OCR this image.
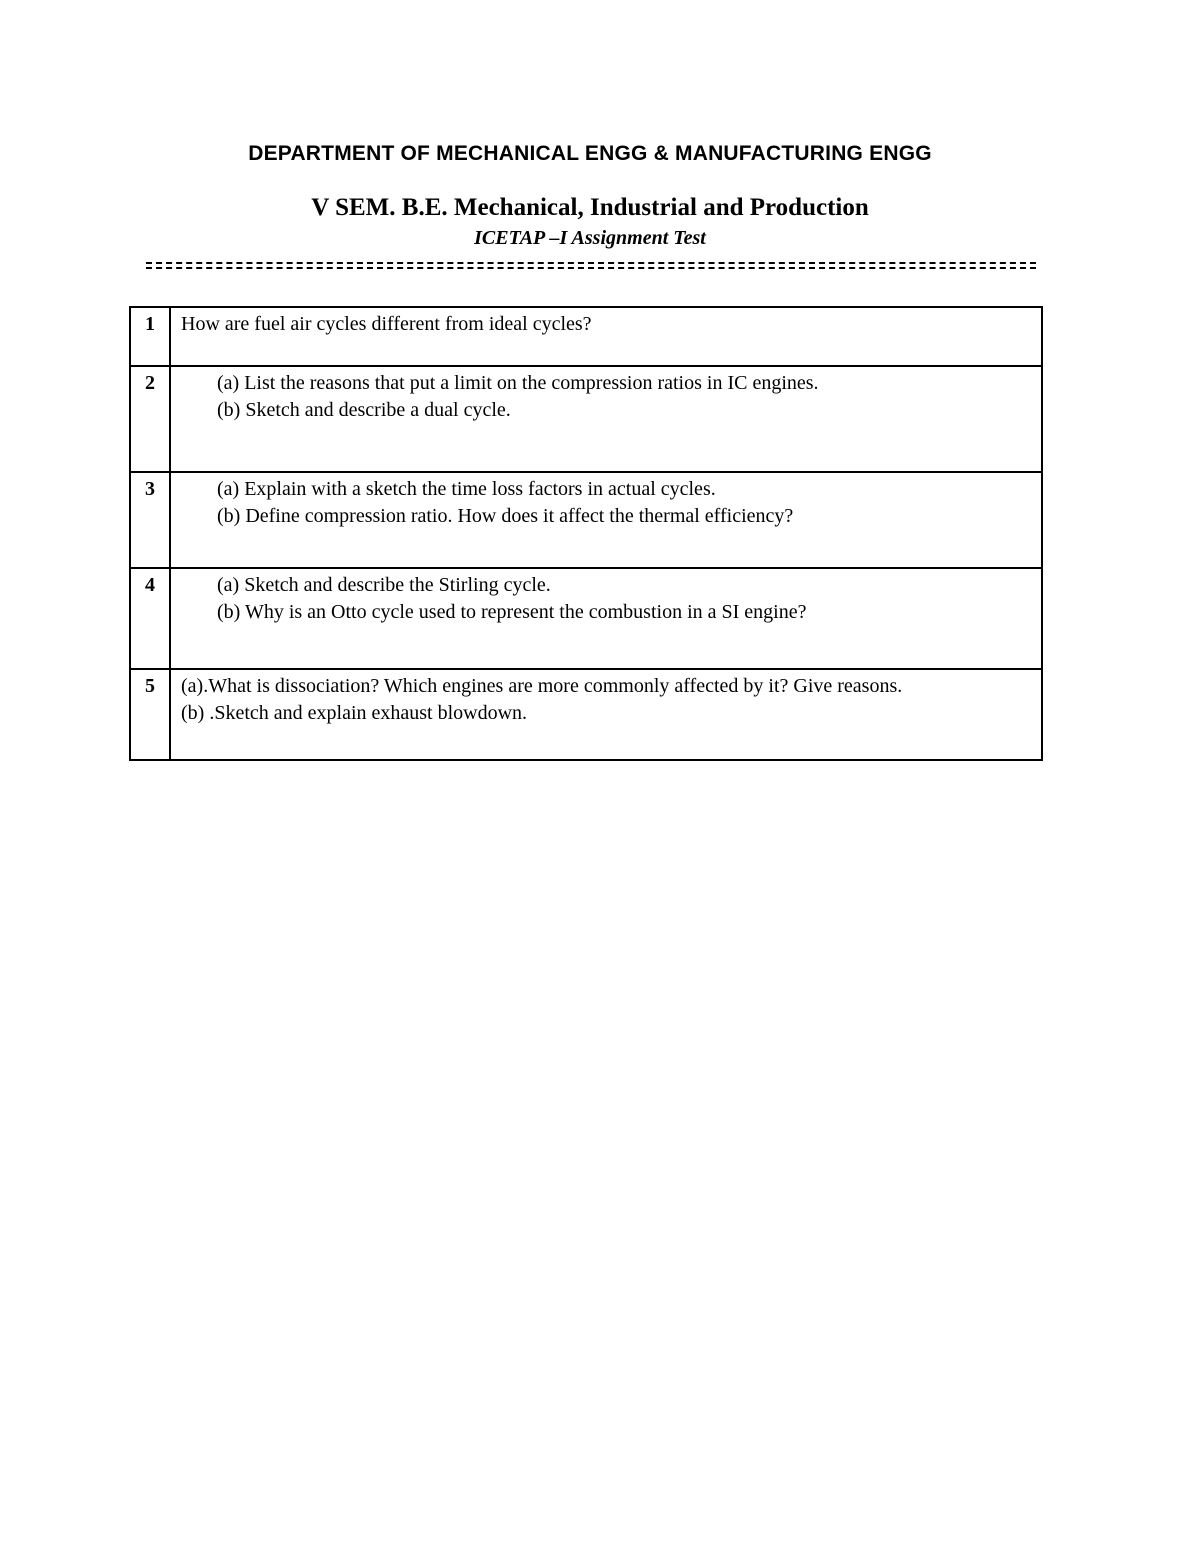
DEPARTMENT OF MECHANICAL ENGG & MANUFACTURING ENGG
V SEM. B.E. Mechanical, Industrial and Production
ICETAP –I Assignment Test
1	How are fuel air cycles different from ideal cycles?

2	(a) List the reasons that put a limit on the compression ratios in IC engines.
(b) Sketch and describe a dual cycle.

3	(a) Explain with a sketch the time loss factors in actual cycles.
(b) Define compression ratio. How does it affect the thermal efficiency?

4	(a) Sketch and describe the Stirling cycle.
(b) Why is an Otto cycle used to represent the combustion in a SI engine?

5	(a).What is dissociation? Which engines are more commonly affected by it? Give reasons.
(b) .Sketch and explain exhaust blowdown.
